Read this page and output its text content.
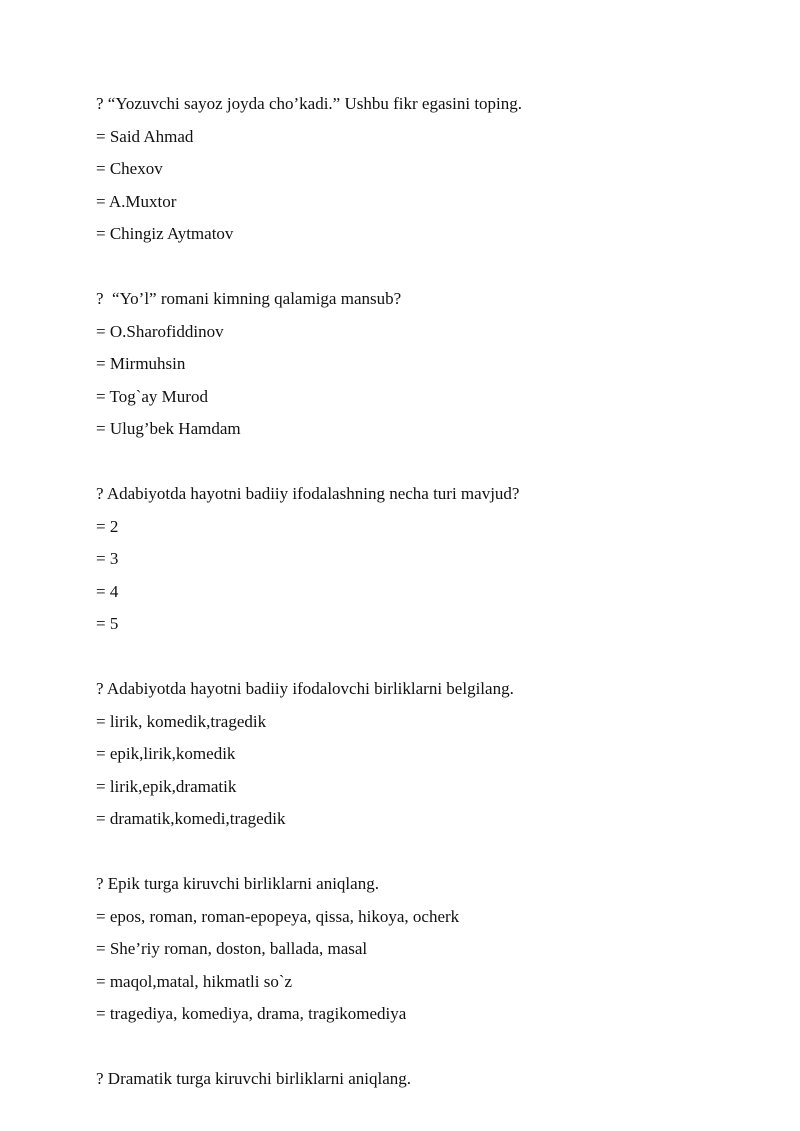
? “Yozuvchi sayoz joyda cho’kadi.” Ushbu fikr egasini toping.
= Said Ahmad
= Chexov
= A.Muxtor
= Chingiz Aytmatov
?  “Yo’l” romani kimning qalamiga mansub?
= O.Sharofiddinov
= Mirmuhsin
= Tog`ay Murod
= Ulug’bek Hamdam
? Adabiyotda hayotni badiiy ifodalashning necha turi mavjud?
= 2
= 3
= 4
= 5
? Adabiyotda hayotni badiiy ifodalovchi birliklarni belgilang.
= lirik, komedik,tragedik
= epik,lirik,komedik
= lirik,epik,dramatik
= dramatik,komedi,tragedik
? Epik turga kiruvchi birliklarni aniqlang.
= epos, roman, roman-epopeya, qissa, hikoya, ocherk
= She’riy roman, doston, ballada, masal
= maqol,matal, hikmatli so`z
= tragediya, komediya, drama, tragikomediya
? Dramatik turga kiruvchi birliklarni aniqlang.
